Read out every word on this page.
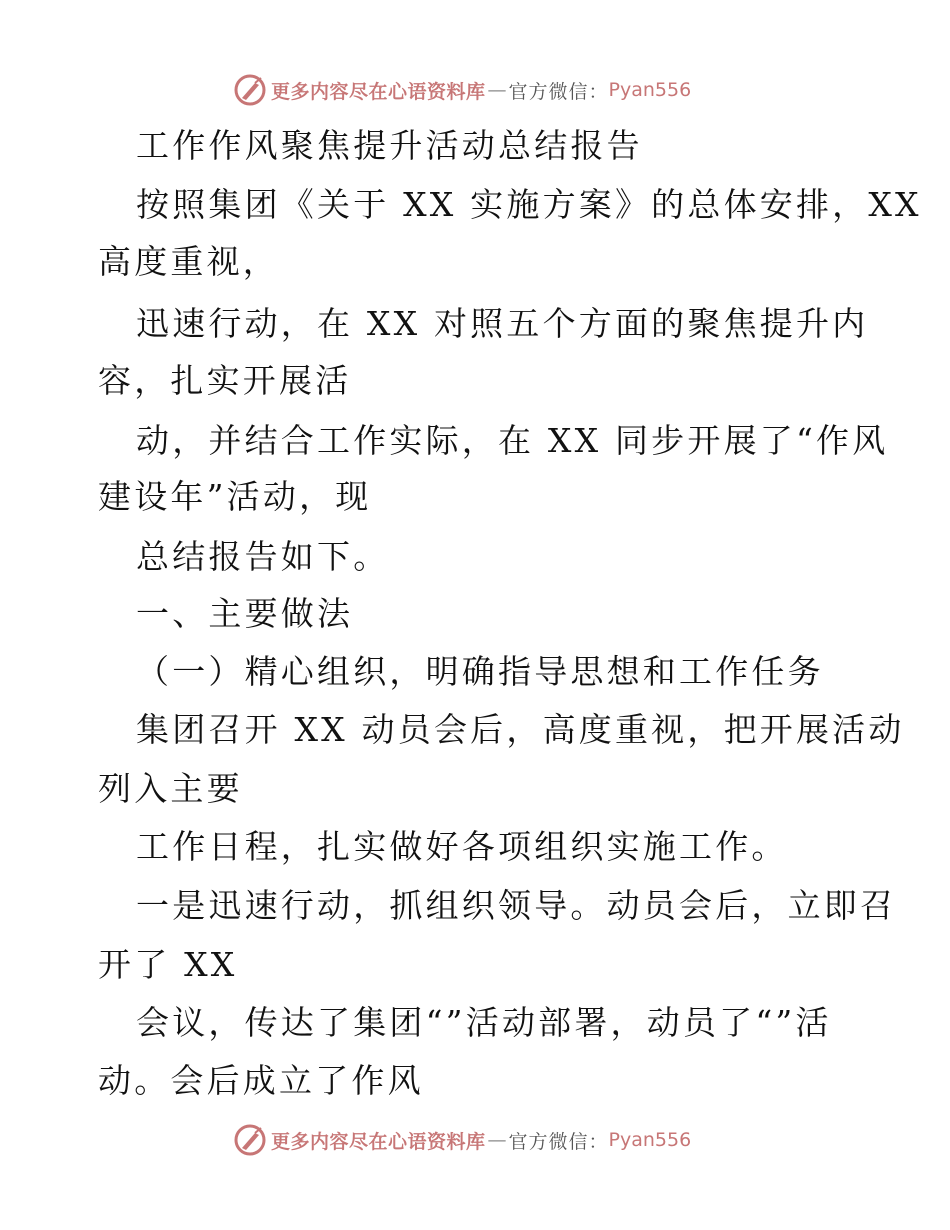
更多内容尽在心语资料库 — 官方微信： Pyan556
工作作风聚焦提升活动总结报告
按照集团《关于 XX 实施方案》的总体安排，XX
高度重视，
迅速行动，在 XX 对照五个方面的聚焦提升内
容，扎实开展活
动，并结合工作实际，在 XX 同步开展了“作风
建设年”活动，现
总结报告如下。
一、主要做法
（一）精心组织，明确指导思想和工作任务
集团召开 XX 动员会后，高度重视，把开展活动
列入主要
工作日程，扎实做好各项组织实施工作。
一是迅速行动，抓组织领导。动员会后，立即召
开了 XX
会议，传达了集团“”活动部署，动员了“”活
动。会后成立了作风
更多内容尽在心语资料库 — 官方微信： Pyan556
